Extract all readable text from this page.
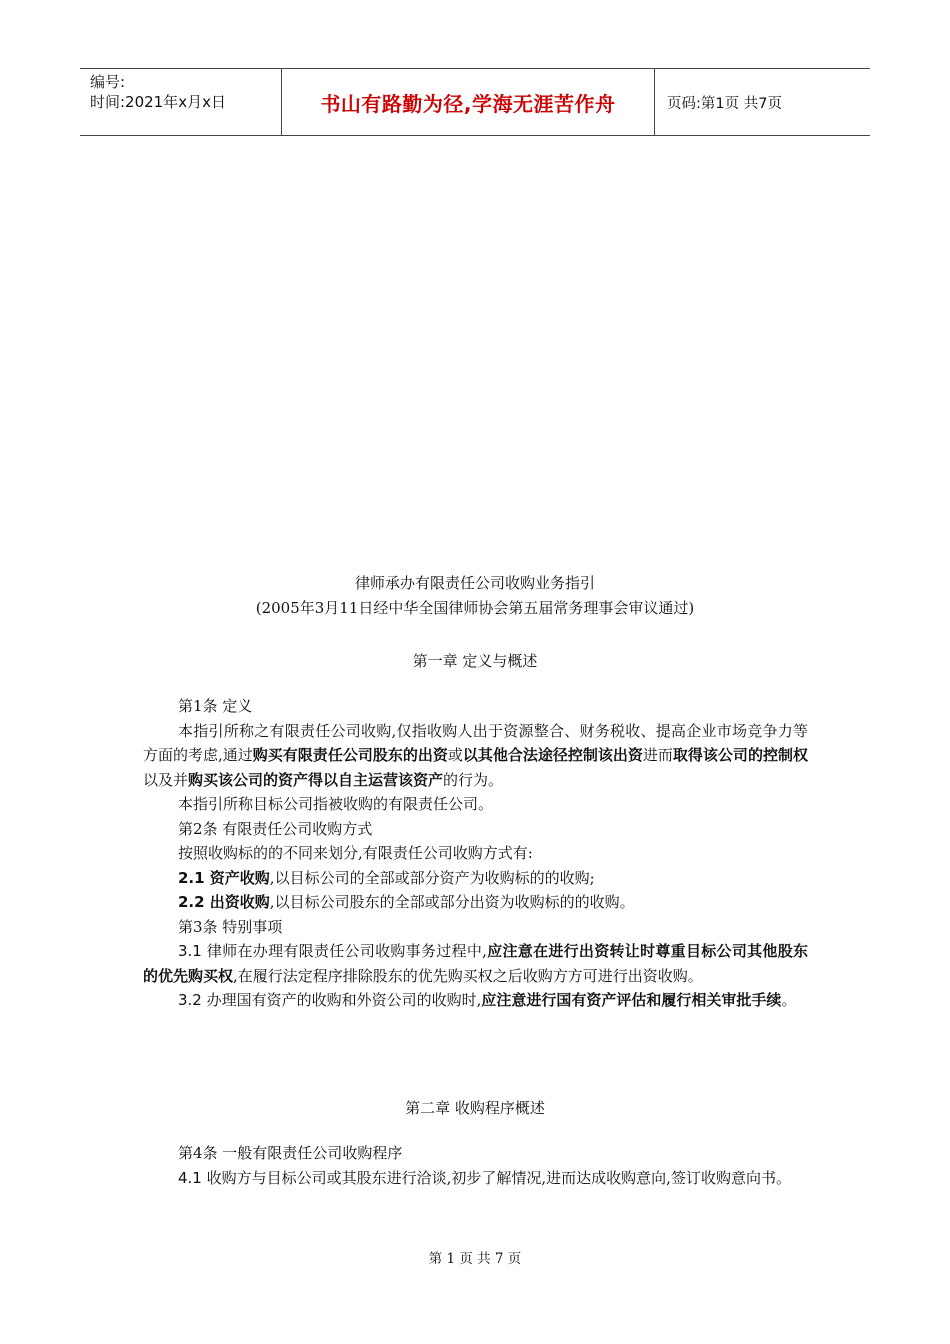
编号:
时间:2021年x月x日	书山有路勤为径,学海无涯苦作舟	页码:第1页 共7页
律师承办有限责任公司收购业务指引
(2005年3月11日经中华全国律师协会第五届常务理事会审议通过)
第一章 定义与概述

第1条 定义

本指引所称之有限责任公司收购,仅指收购人出于资源整合、财务税收、提高企业市场竞争力等方面的考虑,通过购买有限责任公司股东的出资或以其他合法途径控制该出资进而取得该公司的控制权以及并购买该公司的资产得以自主运营该资产的行为。

本指引所称目标公司指被收购的有限责任公司。

第2条 有限责任公司收购方式

按照收购标的的不同来划分,有限责任公司收购方式有:

2.1 资产收购,以目标公司的全部或部分资产为收购标的的收购;

2.2 出资收购,以目标公司股东的全部或部分出资为收购标的的收购。

第3条 特别事项

3.1 律师在办理有限责任公司收购事务过程中,应注意在进行出资转让时尊重目标公司其他股东的优先购买权,在履行法定程序排除股东的优先购买权之后收购方方可进行出资收购。

3.2 办理国有资产的收购和外资公司的收购时,应注意进行国有资产评估和履行相关审批手续。

第二章 收购程序概述

第4条 一般有限责任公司收购程序

4.1 收购方与目标公司或其股东进行洽谈,初步了解情况,进而达成收购意向,签订收购意向书。

第 1 页 共 7 页
